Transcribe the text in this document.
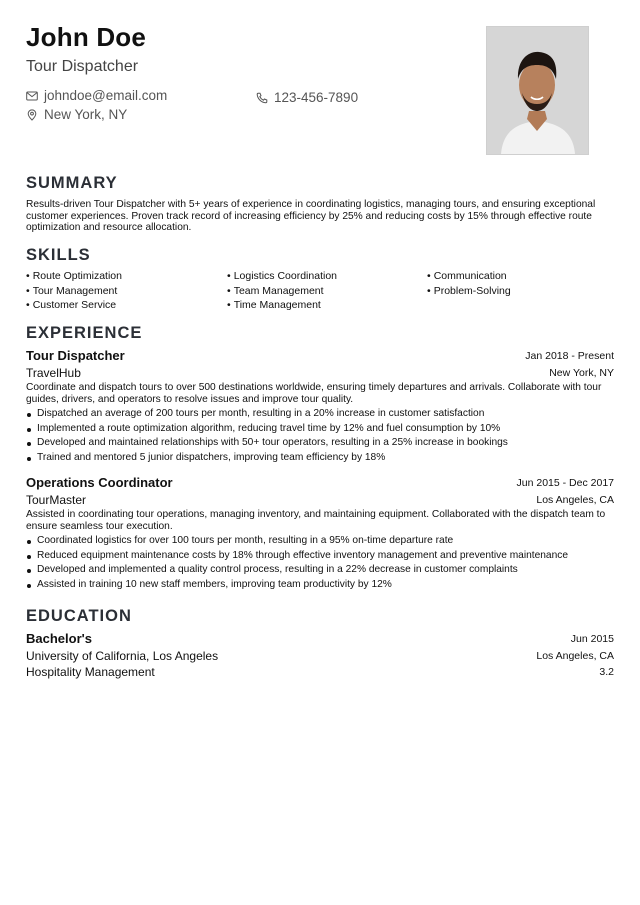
John Doe
Tour Dispatcher
johndoe@email.com	123-456-7890
New York, NY
SUMMARY
Results-driven Tour Dispatcher with 5+ years of experience in coordinating logistics, managing tours, and ensuring exceptional customer experiences. Proven track record of increasing efficiency by 25% and reducing costs by 15% through effective route optimization and resource allocation.
SKILLS
• Route Optimization	• Logistics Coordination	• Communication
• Tour Management	• Team Management	• Problem-Solving
• Customer Service	• Time Management
EXPERIENCE
Tour Dispatcher	Jan 2018 - Present
TravelHub	New York, NY
Coordinate and dispatch tours to over 500 destinations worldwide, ensuring timely departures and arrivals. Collaborate with tour guides, drivers, and operators to resolve issues and improve tour quality.
Dispatched an average of 200 tours per month, resulting in a 20% increase in customer satisfaction
Implemented a route optimization algorithm, reducing travel time by 12% and fuel consumption by 10%
Developed and maintained relationships with 50+ tour operators, resulting in a 25% increase in bookings
Trained and mentored 5 junior dispatchers, improving team efficiency by 18%
Operations Coordinator	Jun 2015 - Dec 2017
TourMaster	Los Angeles, CA
Assisted in coordinating tour operations, managing inventory, and maintaining equipment. Collaborated with the dispatch team to ensure seamless tour execution.
Coordinated logistics for over 100 tours per month, resulting in a 95% on-time departure rate
Reduced equipment maintenance costs by 18% through effective inventory management and preventive maintenance
Developed and implemented a quality control process, resulting in a 22% decrease in customer complaints
Assisted in training 10 new staff members, improving team productivity by 12%
EDUCATION
Bachelor's	Jun 2015
University of California, Los Angeles	Los Angeles, CA
Hospitality Management	3.2
